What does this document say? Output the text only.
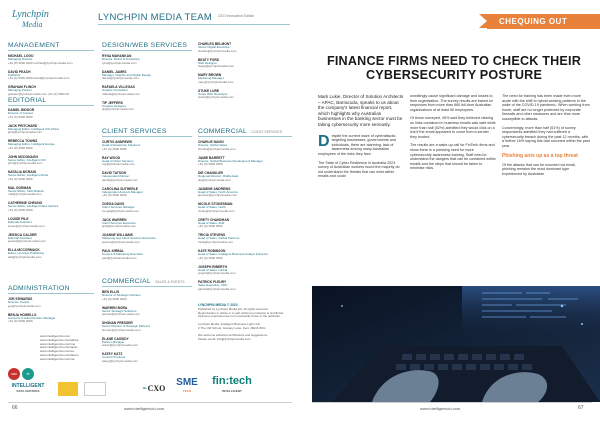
Lynchpin
Media
LYNCHPIN MEDIA TEAM CEO Innovation Edition
MANAGEMENT
MICHAEL LOGO
Managing Director
+61 (0) 3000 0000 michael@lynchpinmedia.com
DAVID PEACH
Publisher
+61 (0) 3000 0000 david@lynchpinmedia.com
GRAHAM FLINCH
Managing Partner
graham@lynchpinmedia.com +61 (0) 0000 00
EDITORIAL
DANIEL BIDDOR
Director of Content
+61 (0) 3000 0000
JACK PRITCHARD
Managing Editor, Intelligent CIO Africa
jack@lynchpinmedia.com
REBECCA TOWNS
Managing Editor, Intelligent Europe
+61 (0) 3000 0000
JOHN MCDONAGH
Senior Editor, Intelligent CIO
john@lynchpinmedia.com
NATALIA MCRAIN
Senior Editor, Intelligent Africa
+61 (0) 3000 0000
MAL GORMAN
Senior Editor, CEO Bulletin
mal@lynchpinmedia.com
CATHERINE CHEUNG
Senior Editor, Intelligent Data Centres
+61 (0) 3000 0000
LOUISE PILE
Editorial Assistant
louise@lynchpinmedia.com
JESSICA CALDER
Editorial Assistant
jessica@lynchpinmedia.com
ELLA MCCORMACK
Editor, Lynchpin Publishing
ella@lynchpinmedia.com
ADMINISTRATION
JOE EDWARDS
Director, People
joe@lynchpinmedia.com
BENJA HOWELLS
Accounts & Administration Manager
+61 (0) 3000 0000
www.intelligentcio.com
www.intelligentcio.com/africa
www.intelligentcio.com/me
www.intelligentcio.com/apac
www.intelligentcio.com/eu
www.intelligentcio.com/latam
www.intelligentcio.com/na
DESIGN/WEB SERVICES
RYNA MAHANKAN
Director, Brand & Production
ryna@lynchpinmedia.com
DANIEL JAMES
Manager, Graphic and Digital Design
daniel@lynchpinmedia.com
RAFAELA VILLEGAS
Graphic Consultant
rafaela@lynchpinmedia.com
TIP JEFFERS
Creative Designer
tip@lynchpinmedia.com
CLIENT SERVICES
CURTIS ANDREWS
Head of Enterprise Solutions
+61 (0) 3000 0000
RAY WOOD
Head of Client Services
ray@lynchpinmedia.com
DAVID TATSON
Independent Partner
david@lynchpinmedia.com
CAROLINA SUTHERLE
Independent Account Manager
+61 (0) 3000 0000
ZOEGA DAVIS
Client Services Manager
zoega@lynchpinmedia.com
JACK WARREN
Client Services Executive
jack@lynchpinmedia.com
JOANNE WILLIAMS
Marketing and Client Services Executive
joanne@lynchpinmedia.com
PAUL KIRBAL
Content & Marketing Executive
paul@lynchpinmedia.com
COMMERCIAL SALES & EVENTS
BEN ELLIS
Director of Strategic Partners
+61 (0) 3000 0000
WARREN BORA
Senior Strategic Solutions
warren@lynchpinmedia.com
SHONAN FRESSER
Senior Director of Strategic Partners
shonan@lynchpinmedia.com
ELANE CASSIDY
Partner Manager
elane@lynchpinmedia.com
KATEY KATZ
Content Producer
katey@lynchpinmedia.com
CHARLES BELMONT
Senior Digital Executive
charles@lynchpinmedia.com
BEATY FORD
Web Designer
beaty@lynchpinmedia.com
MARY BROWN
Marketing Manager
mary@lynchpinmedia.com
STUKE LURE
Junior Web Developer
stuke@lynchpinmedia.com
COMMERCIAL CLIENT SERVICES
CHARLIE NAVIN
Director, Global Sales
charlie@lynchpinmedia.com
JAMIE BARRETT
Director, Global Business Development Manager
+61 (0) 3000 0000
DIE CHANDLER
Regional Director, Middle East
die@lynchpinmedia.com
JASMINE ANDREWS
Head of Sales, North America
jasmine@lynchpinmedia.com
NICOLE STOKESMAN
Head of Sales, North
nicole@lynchpinmedia.com
CRETY CHANDHAN
Head of Sales, ANZ
+61 (0) 3000 0000
TRICIA STEVENS
Head of Sales, Global Partners
tricia@lynchpinmedia.com
KATE ROBINSON
Head of Sales, Intelligent Business Analyst & Events
+61 (0) 3000 0000
JOSEPH RIBERTH
Head of Sales, Global
joseph@lynchpinmedia.com
PATRICK FLEURY
Sales Executive, CEO
patrick@lynchpinmedia.com
LYNCHPIN MEDIA © 2023
Published by Lynchpin Media Ltd. All rights reserved.
Reproduction in whole or in part without permission is prohibited.
Opinions expressed are not necessarily those of the publisher.
Lynchpin Media, Intelligent Business Light Unit
2 The Old School, Granary Lane, Kent, ME16 8UG
We welcome editorial contributions and suggestions.
Please email: info@lynchpinmedia.com
CIO	IT
INTELLIGENT
DATA CENTRES
the CXO SME
TECH
fin:tech
INTELLIGENT
66	www.intelligentcio.com
CHEQUING OUT
FINANCE FIRMS NEED TO CHECK THEIR CYBERSECURITY POSTURE
Mark Lukie, Director of Solution Architects – APAC, Barracuda, speaks to us about the company's latest financial report, which highlights why Australian businesses in the banking sector must be taking cybersecurity more seriously.

Despite the current wave of cyberattacks targeting businesses, governments and individuals, there are alarming, lack of awareness among many Australian employees of the risks they face.

The State of Cyber Resilience in Australia 2023 survey of Australian workers found the majority do not understand the threats that can exist within emails and could

unwittingly cause significant damage and losses to their organisation. The survey results are based on responses from more than 660 full-time Australian organisations of at least 50 employees.

Of those surveyed, 40% said they believed clicking on links contained in business emails was safe while more than half (52%) admitted they would click on a link if the email appeared to come from a sender they trusted.

The results are a wake-up call for FinTech firms and show there is a pressing need for more cybersecurity awareness training. Staff need to understand the dangers that can be contained within emails and the steps that should be taken to minimise risks.

The need for training has been made even more acute with the shift to hybrid working patterns in the wake of the COVID-19 pandemic. When working from home, staff are no longer protected by corporate firewalls and other measures and are thus more susceptible to attacks.

Concerningly, more than half (51%) of survey respondents admitted they had suffered a cybersecurity breach during the past 12 months, with a further 16% saying this had occurred within the past year.

Phishing ants up as a top threat

Of the attacks that can be mounted via email, phishing remains the most dominant type experienced by Australian

www.intelligentcio.com	67
